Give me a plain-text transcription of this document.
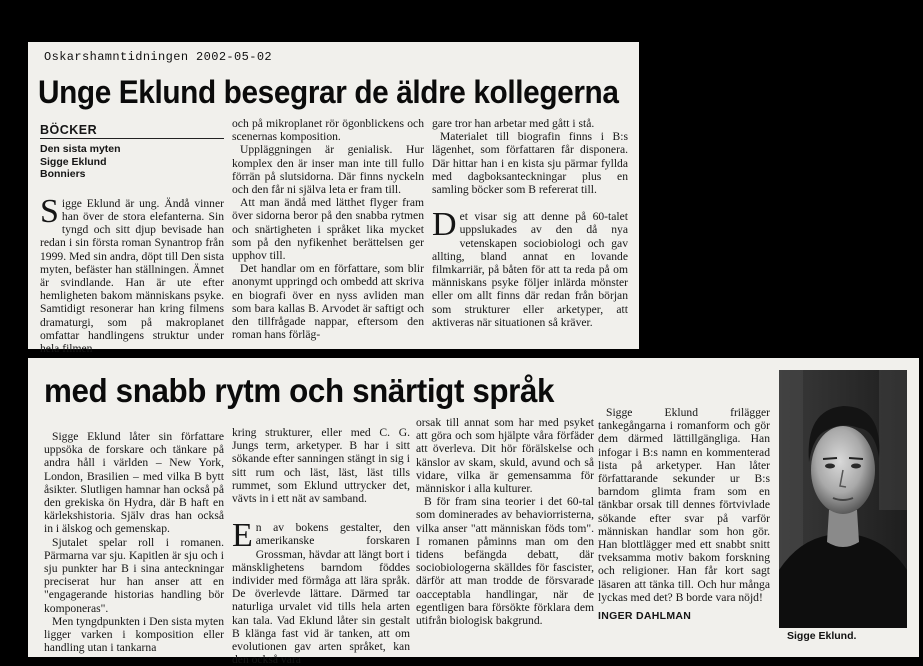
Oskarshamntidningen 2002-05-02
Unge Eklund besegrar de äldre kollegerna
BÖCKER
Den sista myten
Sigge Eklund
Bonniers

Sigge Eklund är ung. Ändå vinner han över de stora elefanterna. Sin tyngd och sitt djup bevisade han redan i sin första roman Synantrop från 1999. Med sin andra, döpt till Den sista myten, befäster han ställningen. Ämnet är svindlande. Han är ute efter hemligheten bakom människans psyke. Samtidigt resonerar han kring filmens dramaturgi, som på makroplanet omfattar handlingens struktur under hela filmen

och på mikroplanet rör ögonblickens och scenernas komposition.

Uppläggningen är genialisk. Hur komplex den är inser man inte till fullo förrän på slutsidorna. Där finns nyckeln och den får ni själva leta er fram till.

Att man ändå med lätthet flyger fram över sidorna beror på den snabba rytmen och snärtigheten i språket lika mycket som på den nyfikenhet berättelsen ger upphov till.

Det handlar om en författare, som blir anonymt uppringd och ombedd att skriva en biografi över en nyss avliden man som bara kallas B. Arvodet är saftigt och den tillfrågade nappar, eftersom den roman hans förläg-

gare tror han arbetar med gått i stå.

Materialet till biografin finns i B:s lägenhet, som författaren får disponera. Där hittar han i en kista sju pärmar fyllda med dagboksanteckningar plus en samling böcker som B refererat till.

Det visar sig att denne på 60-talet uppslukades av den då nya vetenskapen sociobiologi och gav allting, bland annat en lovande filmkarriär, på båten för att ta reda på om människans psyke följer inlärda mönster eller om allt finns där redan från början som strukturer eller arketyper, att aktiveras när situationen så kräver.

med snabb rytm och snärtigt språk

Sigge Eklund låter sin författare uppsöka de forskare och tänkare på andra håll i världen – New York, London, Brasilien – med vilka B bytt åsikter. Slutligen hamnar han också på den grekiska ön Hydra, där B haft en kärlekshistoria. Själv dras han också in i älskog och gemenskap.

Sjutalet spelar roll i romanen. Pärmarna var sju. Kapitlen är sju och i sju punkter har B i sina anteckningar preciserat hur han anser att en "engagerande historias handling bör komponeras".

Men tyngdpunkten i Den sista myten ligger varken i komposition eller handling utan i tankarna

kring strukturer, eller med C. G. Jungs term, arketyper. B har i sitt sökande efter sanningen stängt in sig i sitt rum och läst, läst, läst tills rummet, som Eklund uttrycker det, vävts in i ett nät av samband.

En av bokens gestalter, den amerikanske forskaren Grossman, hävdar att längt bort i mänsklighetens barndom föddes individer med förmåga att lära språk. De överlevde lättare. Därmed tar naturliga urvalet vid tills hela arten kan tala. Vad Eklund låter sin gestalt B klänga fast vid är tanken, att om evolutionen gav arten språket, kan den också vara

orsak till annat som har med psyket att göra och som hjälpte våra förfäder att överleva. Dit hör förälskelse och känslor av skam, skuld, avund och så vidare, vilka är gemensamma för människor i alla kulturer.

B för fram sina teorier i det 60-tal som dominerades av behaviorristerna, vilka anser "att människan föds tom". I romanen påminns man om den tidens befängda debatt, där sociobiologerna skälldes för fascister, därför att man trodde de försvarade oacceptabla handlingar, när de egentligen bara försökte förklara dem utifrån biologisk bakgrund.

Sigge Eklund frilägger tankegångarna i romanform och gör dem därmed lättillgängliga. Han infogar i B:s namn en kommenterad lista på arketyper. Han låter författarande sekunder ur B:s barndom glimta fram som en tänkbar orsak till dennes förtvivlade sökande efter svar på varför människan handlar som hon gör. Han blottlägger med ett snabbt snitt tveksamma motiv bakom forskning och religioner. Han får kort sagt läsaren att tänka till. Och hur många lyckas med det? B borde vara nöjd!

INGER DAHLMAN
Sigge Eklund.
